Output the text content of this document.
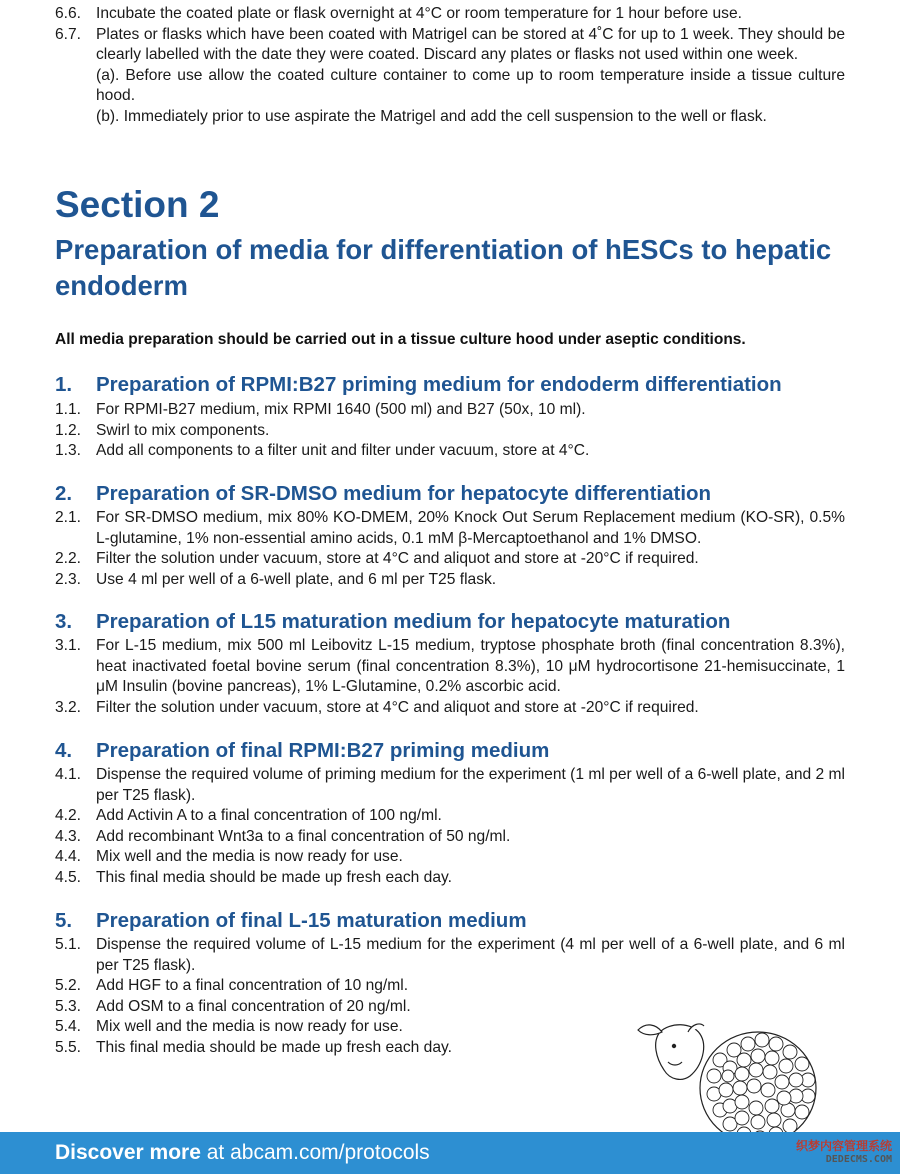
6.6. Incubate the coated plate or flask overnight at 4°C or room temperature for 1 hour before use.
6.7. Plates or flasks which have been coated with Matrigel can be stored at 4˚C for up to 1 week. They should be clearly labelled with the date they were coated. Discard any plates or flasks not used within one week.
(a). Before use allow the coated culture container to come up to room temperature inside a tissue culture hood.
(b). Immediately prior to use aspirate the Matrigel and add the cell suspension to the well or flask.
Section 2
Preparation of media for differentiation of hESCs to hepatic endoderm

All media preparation should be carried out in a tissue culture hood under aseptic conditions.

1. Preparation of RPMI:B27 priming medium for endoderm differentiation
1.1. For RPMI-B27 medium, mix RPMI 1640 (500 ml) and B27 (50x, 10 ml).
1.2. Swirl to mix components.
1.3. Add all components to a filter unit and filter under vacuum, store at 4°C.
2. Preparation of SR-DMSO medium for hepatocyte differentiation
2.1. For SR-DMSO medium, mix 80% KO-DMEM, 20% Knock Out Serum Replacement medium (KO-SR), 0.5% L-glutamine, 1% non-essential amino acids, 0.1 mM β-Mercaptoethanol and 1% DMSO.
2.2. Filter the solution under vacuum, store at 4°C and aliquot and store at -20°C if required.
2.3. Use 4 ml per well of a 6-well plate, and 6 ml per T25 flask.
3. Preparation of L15 maturation medium for hepatocyte maturation
3.1. For L-15 medium, mix 500 ml Leibovitz L-15 medium, tryptose phosphate broth (final concentration 8.3%), heat inactivated foetal bovine serum (final concentration 8.3%), 10 μM hydrocortisone 21-hemisuccinate, 1 μM Insulin (bovine pancreas), 1% L-Glutamine, 0.2% ascorbic acid.
3.2. Filter the solution under vacuum, store at 4°C and aliquot and store at -20°C if required.
4. Preparation of final RPMI:B27 priming medium
4.1. Dispense the required volume of priming medium for the experiment (1 ml per well of a 6-well plate, and 2 ml per T25 flask).
4.2. Add Activin A to a final concentration of 100 ng/ml.
4.3. Add recombinant Wnt3a to a final concentration of 50 ng/ml.
4.4. Mix well and the media is now ready for use.
4.5. This final media should be made up fresh each day.
5. Preparation of final L-15 maturation medium
5.1. Dispense the required volume of L-15 medium for the experiment (4 ml per well of a 6-well plate, and 6 ml per T25 flask).
5.2. Add HGF to a final concentration of 10 ng/ml.
5.3. Add OSM to a final concentration of 20 ng/ml.
5.4. Mix well and the media is now ready for use.
5.5. This final media should be made up fresh each day.
Discover more at abcam.com/protocols	织梦内容管理系统
DEDECMS.COM
